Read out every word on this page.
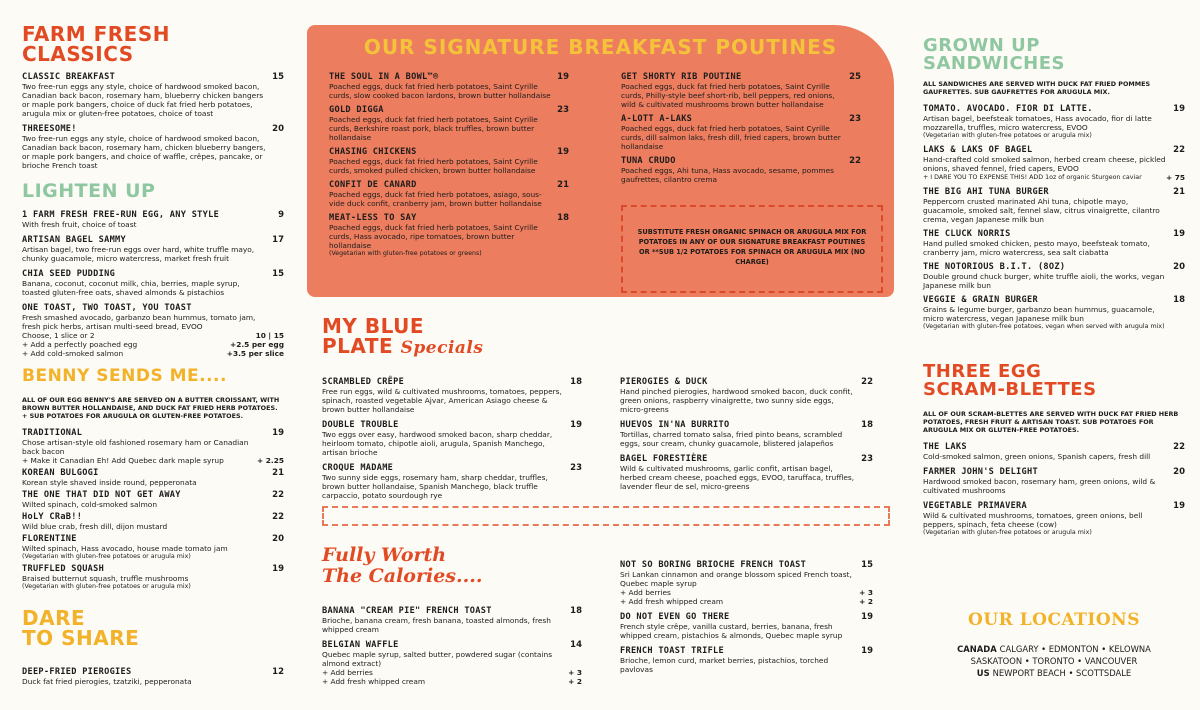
FARM FRESH
CLASSICS
CLASSIC BREAKFAST	15
Two free-run eggs any style, choice of hardwood smoked bacon, Canadian back bacon, rosemary ham, blueberry chicken bangers or maple pork bangers, choice of duck fat fried herb potatoes, arugula mix or gluten-free potatoes, choice of toast
THREESOME!	20
Two free-run eggs any style, choice of hardwood smoked bacon, Canadian back bacon, rosemary ham, chicken blueberry bangers, or maple pork bangers, and choice of waffle, crêpes, pancake, or brioche French toast
LIGHTEN UP
1 FARM FRESH FREE-RUN EGG, ANY STYLE	9
With fresh fruit, choice of toast
ARTISAN BAGEL SAMMY	17
Artisan bagel, two free-run eggs over hard, white truffle mayo, chunky guacamole, micro watercress, market fresh fruit
CHIA SEED PUDDING	15
Banana, coconut, coconut milk, chia, berries, maple syrup, toasted gluten-free oats, shaved almonds & pistachios
ONE TOAST, TWO TOAST, YOU TOAST
Fresh smashed avocado, garbanzo bean hummus, tomato jam, fresh pick herbs, artisan multi-seed bread, EVOO
Choose, 1 slice or 2	10 | 15
+ Add a perfectly poached egg	+2.5 per egg
+ Add cold-smoked salmon	+3.5 per slice
BENNY SENDS ME....
ALL OF OUR EGG BENNY'S ARE SERVED ON A BUTTER CROISSANT, WITH BROWN BUTTER HOLLANDAISE, AND DUCK FAT FRIED HERB POTATOES. + SUB POTATOES FOR ARUGULA OR GLUTEN-FREE POTATOES.
TRADITIONAL	19
Chose artisan-style old fashioned rosemary ham or Canadian back bacon
+ Make it Canadian Eh! Add Quebec dark maple syrup	+ 2.25
KOREAN BULGOGI	21
Korean style shaved inside round, pepperonata
THE ONE THAT DID NOT GET AWAY	22
Wilted spinach, cold-smoked salmon
HoLY CRaB!!	22
Wild blue crab, fresh dill, dijon mustard
FLORENTINE	20
Wilted spinach, Hass avocado, house made tomato jam
(Vegetarian with gluten-free potatoes or arugula mix)
TRUFFLED SQUASH	19
Braised butternut squash, truffle mushrooms
(Vegetarian with gluten-free potatoes or arugula mix)
DARE
TO SHARE
DEEP-FRIED PIEROGIES	12
Duck fat fried pierogies, tzatziki, pepperonata
OUR SIGNATURE BREAKFAST POUTINES
THE SOUL IN A BOWL™®	19
Poached eggs, duck fat fried herb potatoes, Saint Cyrille curds, slow cooked bacon lardons, brown butter hollandaise
GOLD DIGGA	23
Poached eggs, duck fat fried herb potatoes, Saint Cyrille curds, Berkshire roast pork, black truffles, brown butter hollandaise
CHASING CHICKENS	19
Poached eggs, duck fat fried herb potatoes, Saint Cyrille curds, smoked pulled chicken, brown butter hollandaise
CONFIT DE CANARD	21
Poached eggs, duck fat fried herb potatoes, asiago, sous-vide duck confit, cranberry jam, brown butter hollandaise
MEAT-LESS TO SAY	18
Poached eggs, duck fat fried herb potatoes, Saint Cyrille curds, Hass avocado, ripe tomatoes, brown butter hollandaise
(Vegetarian with gluten-free potatoes or greens)
GET SHORTY RIB POUTINE	25
Poached eggs, duck fat fried herb potatoes, Saint Cyrille curds, Philly-style beef short-rib, bell peppers, red onions, wild & cultivated mushrooms brown butter hollandaise
A-LOTT A-LAKS	23
Poached eggs, duck fat fried herb potatoes, Saint Cyrille curds, dill salmon laks, fresh dill, fried capers, brown butter hollandaise
TUNA CRUDO	22
Poached eggs, Ahi tuna, Hass avocado, sesame, pommes gaufrettes, cilantro crema
SUBSTITUTE FRESH ORGANIC SPINACH OR ARUGULA MIX FOR POTATOES IN ANY OF OUR SIGNATURE BREAKFAST POUTINES OR **SUB 1/2 POTATOES FOR SPINACH OR ARUGULA MIX (NO CHARGE)
MY BLUE
PLATE Specials
SCRAMBLED CRÊPE	18
Free run eggs, wild & cultivated mushrooms, tomatoes, peppers, spinach, roasted vegetable Ajvar, American Asiago cheese & brown butter hollandaise
DOUBLE TROUBLE	19
Two eggs over easy, hardwood smoked bacon, sharp cheddar, heirloom tomato, chipotle aioli, arugula, Spanish Manchego, artisan brioche
CROQUE MADAME	23
Two sunny side eggs, rosemary ham, sharp cheddar, truffles, brown butter hollandaise, Spanish Manchego, black truffle carpaccio, potato sourdough rye
PIEROGIES & DUCK	22
Hand pinched pierogies, hardwood smoked bacon, duck confit, green onions, raspberry vinaigrette, two sunny side eggs, micro-greens
HUEVOS IN'NA BURRITO	18
Tortillas, charred tomato salsa, fried pinto beans, scrambled eggs, sour cream, chunky guacamole, blistered jalapeños
BAGEL FORESTIÈRE	23
Wild & cultivated mushrooms, garlic confit, artisan bagel, herbed cream cheese, poached eggs, EVOO, taruffaca, truffles, lavender fleur de sel, micro-greens
Fully Worth
The Calories....
BANANA "CREAM PIE" FRENCH TOAST	18
Brioche, banana cream, fresh banana, toasted almonds, fresh whipped cream
BELGIAN WAFFLE	14
Quebec maple syrup, salted butter, powdered sugar (contains almond extract)
+ Add berries	+ 3
+ Add fresh whipped cream	+ 2
NOT SO BORING BRIOCHE FRENCH TOAST	15
Sri Lankan cinnamon and orange blossom spiced French toast, Quebec maple syrup
+ Add berries	+ 3
+ Add fresh whipped cream	+ 2
DO NOT EVEN GO THERE	19
French style crêpe, vanilla custard, berries, banana, fresh whipped cream, pistachios & almonds, Quebec maple syrup
FRENCH TOAST TRIFLE	19
Brioche, lemon curd, market berries, pistachios, torched pavlovas
GROWN UP
SANDWICHES
ALL SANDWICHES ARE SERVED WITH DUCK FAT FRIED POMMES GAUFRETTES. SUB GAUFRETTES FOR ARUGULA MIX.
TOMATO. AVOCADO. FIOR DI LATTE.	19
Artisan bagel, beefsteak tomatoes, Hass avocado, fior di latte mozzarella, truffles, micro watercress, EVOO
(Vegetarian with gluten-free potatoes or arugula mix)
LAKS & LAKS OF BAGEL	22
Hand-crafted cold smoked salmon, herbed cream cheese, pickled onions, shaved fennel, fried capers, EVOO
+ I DARE YOU TO EXPENSE THIS! ADD 1oz of organic Sturgeon caviar	+ 75
THE BIG AHI TUNA BURGER	21
Peppercorn crusted marinated Ahi tuna, chipotle mayo, guacamole, smoked salt, fennel slaw, citrus vinaigrette, cilantro crema, vegan Japanese milk bun
THE CLUCK NORRIS	19
Hand pulled smoked chicken, pesto mayo, beefsteak tomato, cranberry jam, micro watercress, sea salt ciabatta
THE NOTORIOUS B.I.T. (8OZ)	20
Double ground chuck burger, white truffle aioli, the works, vegan Japanese milk bun
VEGGIE & GRAIN BURGER	18
Grains & legume burger, garbanzo bean hummus, guacamole, micro watercress, vegan Japanese milk bun
(Vegetarian with gluten-free potatoes, vegan when served with arugula mix)
THREE EGG
SCRAM-BLETTES
ALL OF OUR SCRAM-BLETTES ARE SERVED WITH DUCK FAT FRIED HERB POTATOES, FRESH FRUIT & ARTISAN TOAST. SUB POTATOES FOR ARUGULA MIX OR GLUTEN-FREE POTATOES.
THE LAKS	22
Cold-smoked salmon, green onions, Spanish capers, fresh dill
FARMER JOHN'S DELIGHT	20
Hardwood smoked bacon, rosemary ham, green onions, wild & cultivated mushrooms
VEGETABLE PRIMAVERA	19
Wild & cultivated mushrooms, tomatoes, green onions, bell peppers, spinach, feta cheese (cow)
(Vegetarian with gluten-free potatoes or arugula mix)
OUR LOCATIONS
CANADA CALGARY • EDMONTON • KELOWNA
SASKATOON • TORONTO • VANCOUVER
US NEWPORT BEACH • SCOTTSDALE
